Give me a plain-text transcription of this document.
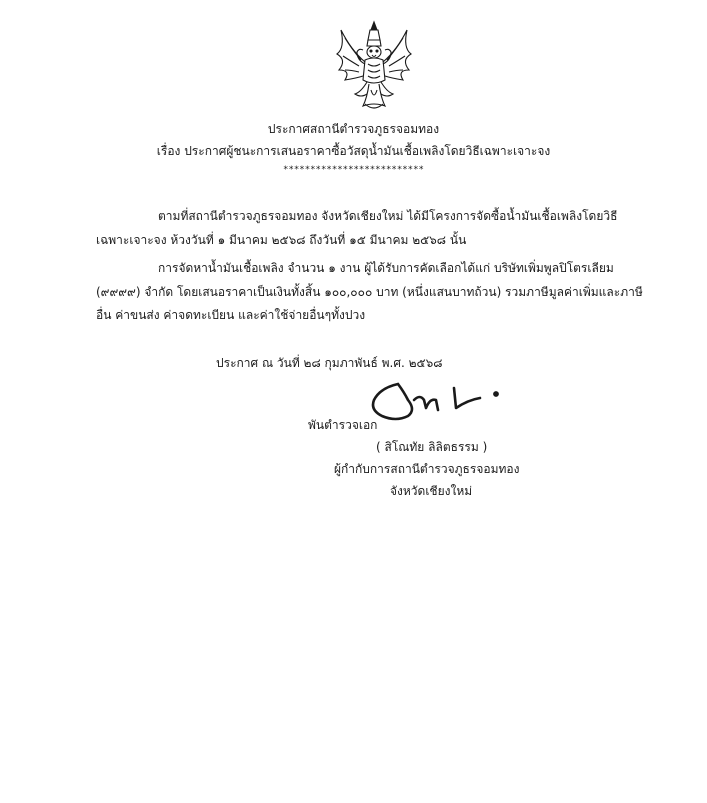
ประกาศสถานีตำรวจภูธรจอมทอง
เรื่อง ประกาศผู้ชนะการเสนอราคาซื้อวัสดุน้ำมันเชื้อเพลิงโดยวิธีเฉพาะเจาะจง
**************************
ตามที่สถานีตำรวจภูธรจอมทอง จังหวัดเชียงใหม่ ได้มีโครงการจัดซื้อน้ำมันเชื้อเพลิงโดยวิธี
เฉพาะเจาะจง ห้วงวันที่ ๑ มีนาคม ๒๕๖๘ ถึงวันที่ ๑๕ มีนาคม ๒๕๖๘ นั้น
การจัดหาน้ำมันเชื้อเพลิง จำนวน ๑ งาน ผู้ได้รับการคัดเลือกได้แก่ บริษัทเพิ่มพูลปิโตรเลียม
(๙๙๙๙) จำกัด โดยเสนอราคาเป็นเงินทั้งสิ้น ๑๐๐,๐๐๐ บาท (หนึ่งแสนบาทถ้วน) รวมภาษีมูลค่าเพิ่มและภาษี
อื่น ค่าขนส่ง ค่าจดทะเบียน และค่าใช้จ่ายอื่นๆทั้งปวง
ประกาศ ณ วันที่ ๒๘ กุมภาพันธ์ พ.ศ. ๒๕๖๘
พันตำรวจเอก
( สิโณทัย ลิลิตธรรม )
ผู้กำกับการสถานีตำรวจภูธรจอมทอง
จังหวัดเชียงใหม่
